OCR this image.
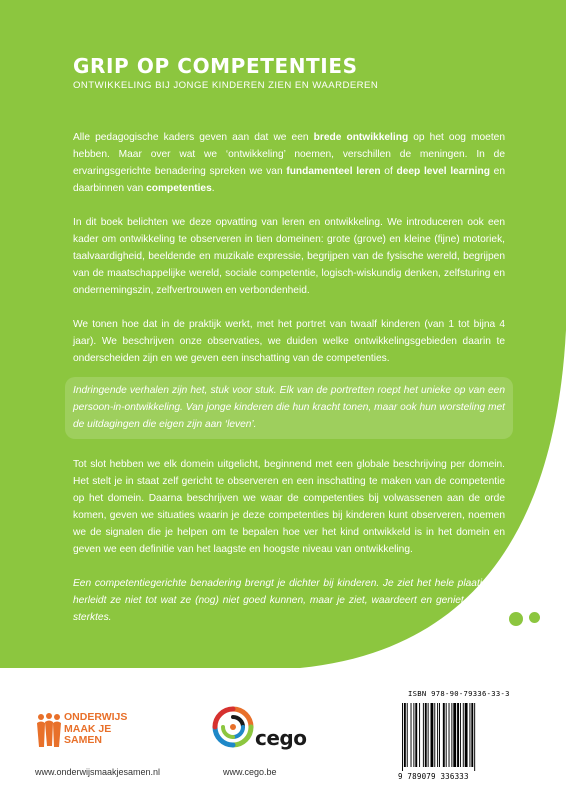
GRIP OP COMPETENTIES
ONTWIKKELING BIJ JONGE KINDEREN ZIEN EN WAARDEREN

Alle pedagogische kaders geven aan dat we een brede ontwikkeling op het oog moeten hebben. Maar over wat we ‘ontwikkeling’ noemen, verschillen de meningen. In de ervaringsgerichte benadering spreken we van fundamenteel leren of deep level learning en daarbinnen van competenties.

In dit boek belichten we deze opvatting van leren en ontwikkeling. We introduceren ook een kader om ontwikkeling te observeren in tien domeinen: grote (grove) en kleine (fijne) motoriek, taalvaardigheid, beeldende en muzikale expressie, begrijpen van de fysische wereld, begrijpen van de maatschappelijke wereld, sociale competentie, logisch-wiskundig denken, zelfsturing en ondernemingszin, zelfvertrouwen en verbondenheid.

We tonen hoe dat in de praktijk werkt, met het portret van twaalf kinderen (van 1 tot bijna 4 jaar). We beschrijven onze observaties, we duiden welke ontwikkelingsgebieden daarin te onderscheiden zijn en we geven een inschatting van de competenties.

Indringende verhalen zijn het, stuk voor stuk. Elk van de portretten roept het unieke op van een persoon-in-ontwikkeling. Van jonge kinderen die hun kracht tonen, maar ook hun worsteling met de uitdagingen die eigen zijn aan ‘leven’.

Tot slot hebben we elk domein uitgelicht, beginnend met een globale beschrijving per domein. Het stelt je in staat zelf gericht te observeren en een inschatting te maken van de competentie op het domein. Daarna beschrijven we waar de competenties bij volwassenen aan de orde komen, geven we situaties waarin je deze competenties bij kinderen kunt observeren, noemen we de signalen die je helpen om te bepalen hoe ver het kind ontwikkeld is in het domein en geven we een definitie van het laagste en hoogste niveau van ontwikkeling.

Een competentiegerichte benadering brengt je dichter bij kinderen. Je ziet het hele plaatje. Je herleidt ze niet tot wat ze (nog) niet goed kunnen, maar je ziet, waardeert en geniet van hun sterktes.

ONDERWIJS
MAAK JE
SAMEN	cego
www.onderwijsmaakjesamen.nl	www.cego.be
ISBN 978-90-79336-33-3
9 789079 336333
